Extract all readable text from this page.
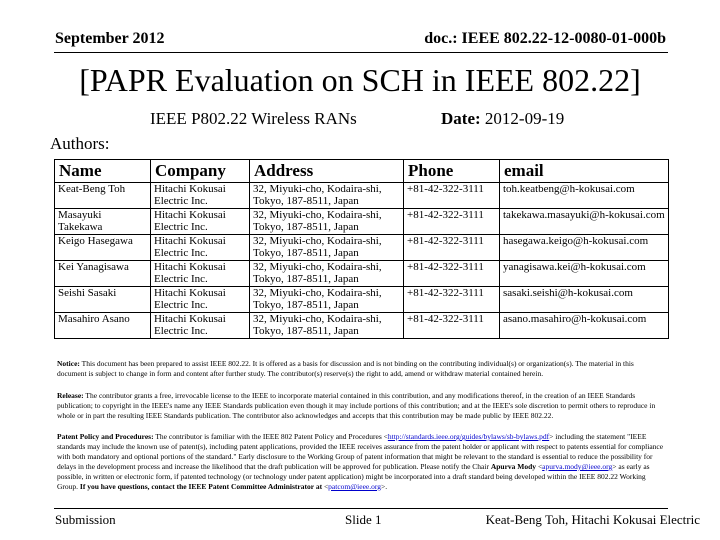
September 2012	doc.: IEEE 802.22-12-0080-01-000b
[PAPR Evaluation on SCH in IEEE 802.22]
IEEE P802.22 Wireless RANs	Date: 2012-09-19
Authors:
Name	Company	Address	Phone	email
Keat-Beng Toh	Hitachi Kokusai Electric Inc.	32, Miyuki-cho, Kodaira-shi, Tokyo, 187-8511, Japan	+81-42-322-3111	toh.keatbeng@h-kokusai.com
Masayuki Takekawa	Hitachi Kokusai Electric Inc.	32, Miyuki-cho, Kodaira-shi, Tokyo, 187-8511, Japan	+81-42-322-3111	takekawa.masayuki@h-kokusai.com
Keigo Hasegawa	Hitachi Kokusai Electric Inc.	32, Miyuki-cho, Kodaira-shi, Tokyo, 187-8511, Japan	+81-42-322-3111	hasegawa.keigo@h-kokusai.com
Kei Yanagisawa	Hitachi Kokusai Electric Inc.	32, Miyuki-cho, Kodaira-shi, Tokyo, 187-8511, Japan	+81-42-322-3111	yanagisawa.kei@h-kokusai.com
Seishi Sasaki	Hitachi Kokusai Electric Inc.	32, Miyuki-cho, Kodaira-shi, Tokyo, 187-8511, Japan	+81-42-322-3111	sasaki.seishi@h-kokusai.com
Masahiro Asano	Hitachi Kokusai Electric Inc.	32, Miyuki-cho, Kodaira-shi, Tokyo, 187-8511, Japan	+81-42-322-3111	asano.masahiro@h-kokusai.com
Notice: This document has been prepared to assist IEEE 802.22. It is offered as a basis for discussion and is not binding on the contributing individual(s) or organization(s). The material in this document is subject to change in form and content after further study. The contributor(s) reserve(s) the right to add, amend or withdraw material contained herein.
Release: The contributor grants a free, irrevocable license to the IEEE to incorporate material contained in this contribution, and any modifications thereof, in the creation of an IEEE Standards publication; to copyright in the IEEE's name any IEEE Standards publication even though it may include portions of this contribution; and at the IEEE's sole discretion to permit others to reproduce in whole or in part the resulting IEEE Standards publication. The contributor also acknowledges and accepts that this contribution may be made public by IEEE 802.22.
Patent Policy and Procedures: The contributor is familiar with the IEEE 802 Patent Policy and Procedures <http://standards.ieee.org/guides/bylaws/sb-bylaws.pdf> including the statement "IEEE standards may include the known use of patent(s), including patent applications, provided the IEEE receives assurance from the patent holder or applicant with respect to patents essential for compliance with both mandatory and optional portions of the standard." Early disclosure to the Working Group of patent information that might be relevant to the standard is essential to reduce the possibility for delays in the development process and increase the likelihood that the draft publication will be approved for publication. Please notify the Chair Apurva Mody <apurva.mody@ieee.org> as early as possible, in written or electronic form, if patented technology (or technology under patent application) might be incorporated into a draft standard being developed within the IEEE 802.22 Working Group. If you have questions, contact the IEEE Patent Committee Administrator at <patcom@ieee.org>.
Submission	Slide 1	Keat-Beng Toh, Hitachi Kokusai Electric
